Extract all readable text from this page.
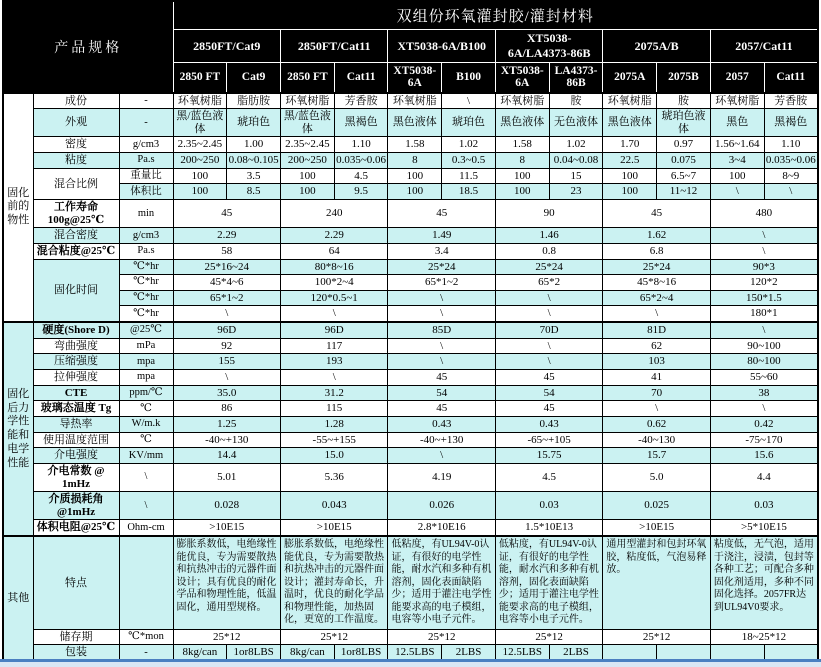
产品规格			双组份环氧灌封胶/灌封材料											
			2850FT/Cat9		2850FT/Cat11		XT5038-6A/B100		XT5038-6A/LA4373-86B		2075A/B		2057/Cat11	
			2850 FT	Cat9	2850 FT	Cat11	XT5038-6A	B100	XT5038-6A	LA4373-86B	2075A	2075B	2057	Cat11
固化前的物性	成份	-	环氧树脂	脂肪胺	环氧树脂	芳香胺	环氧树脂	\	环氧树脂	胺	环氧树脂	胺	环氧树脂	芳香胺
	外观	-	黑/蓝色液体	琥珀色	黑/蓝色液体	黑褐色	黑色液体	琥珀色	黑色液体	无色液体	黑色液体	琥珀色液体	黑色	黑褐色
	密度	g/cm3	2.35~2.45	1.00	2.35~2.45	1.10	1.58	1.02	1.58	1.02	1.70	0.97	1.56~1.64	1.10
	粘度	Pa.s	200~250	0.08~0.105	200~250	0.035~0.06	8	0.3~0.5	8	0.04~0.08	22.5	0.075	3~4	0.035~0.06
	混合比例	重量比	100	3.5	100	4.5	100	11.5	100	15	100	6.5~7	100	8~9
		体积比	100	8.5	100	9.5	100	18.5	100	23	100	11~12	\	\
	工作寿命100g@25℃	min	45		240		45		90		45		480	
	混合密度	g/cm3	2.29		2.29		1.49		1.46		1.62		\	
	混合粘度@25℃	Pa.s	58		64		3.4		0.8		6.8		\	
	固化时间	℃*hr	25*16~24		80*8~16		25*24		25*24		25*24		90*3	
		℃*hr	45*4~6		100*2~4		65*1~2		65*2		45*8~16		120*2	
		℃*hr	65*1~2		120*0.5~1		\		\		65*2~4		150*1.5	
		℃*hr	\		\		\		\		\		180*1	
固化后力学性能和电学性能	硬度(Shore D)	@25℃	96D		96D		85D		70D		81D		\	
	弯曲强度	mPa	92		117		\		\		62		90~100	
	压缩强度	mpa	155		193		\		\		103		80~100	
	拉伸强度	mpa	\		\		45		45		41		55~60	
	CTE	ppm/℃	35.0		31.2		54		54		70		38	
	玻璃态温度 Tg	℃	86		115		45		45		\		\	
	导热率	W/m.k	1.25		1.28		0.43		0.43		0.62		0.42	
	使用温度范围	℃	-40~+130		-55~+155		-40~+130		-65~+105		-40~130		-75~170	
	介电强度	KV/mm	14.4		15.0		\		15.75		15.7		15.6	
	介电常数 @ 1mHz	\	5.01		5.36		4.19		4.5		5.0		4.4	
	介质损耗角@1mHz	\	0.028		0.043		0.026		0.03		0.025		0.03	
	体积电阻@25℃	Ohm-cm	>10E15		>10E15		2.8*10E16		1.5*10E13		>10E15		>5*10E15	
其他	特点		膨胀系数低，电绝缘性能优良，专为需要散热和抗热冲击的元器件面设计；具有优良的耐化学品和物理性能，低温固化，通用型规格。		膨胀系数低，电绝缘性能优良，专为需要散热和抗热冲击的元器件面设计；灌封寿命长，升温时，优良的耐化学品和物理性能，加热固化，更宽的工作温度。		低粘度，有UL94V-0认证，有很好的电学性能，耐水汽和多种有机溶剂，固化表面缺陷少；适用于灌注电学性能要求高的电子模组，电容等小电子元件。		低粘度，有UL94V-0认证，有很好的电学性能，耐水汽和多种有机溶剂，固化表面缺陷少；适用于灌注电学性能要求高的电子模组，电容等小电子元件。		通用型灌封和包封环氧胶，粘度低，气泡易释放。		粘度低，无气泡，适用于浇注，浸渍，包封等各种工艺；可配合多种固化剂适用，多种不同固化选择。2057FR达到UL94V0要求。	
	储存期	℃*mon	25*12		25*12		25*12		25*12		25*12		18~25*12	
	包装	-	8kg/can	1or8LBS	8kg/can	1or8LBS	12.5LBS	2LBS	12.5LBS	2LBS				
